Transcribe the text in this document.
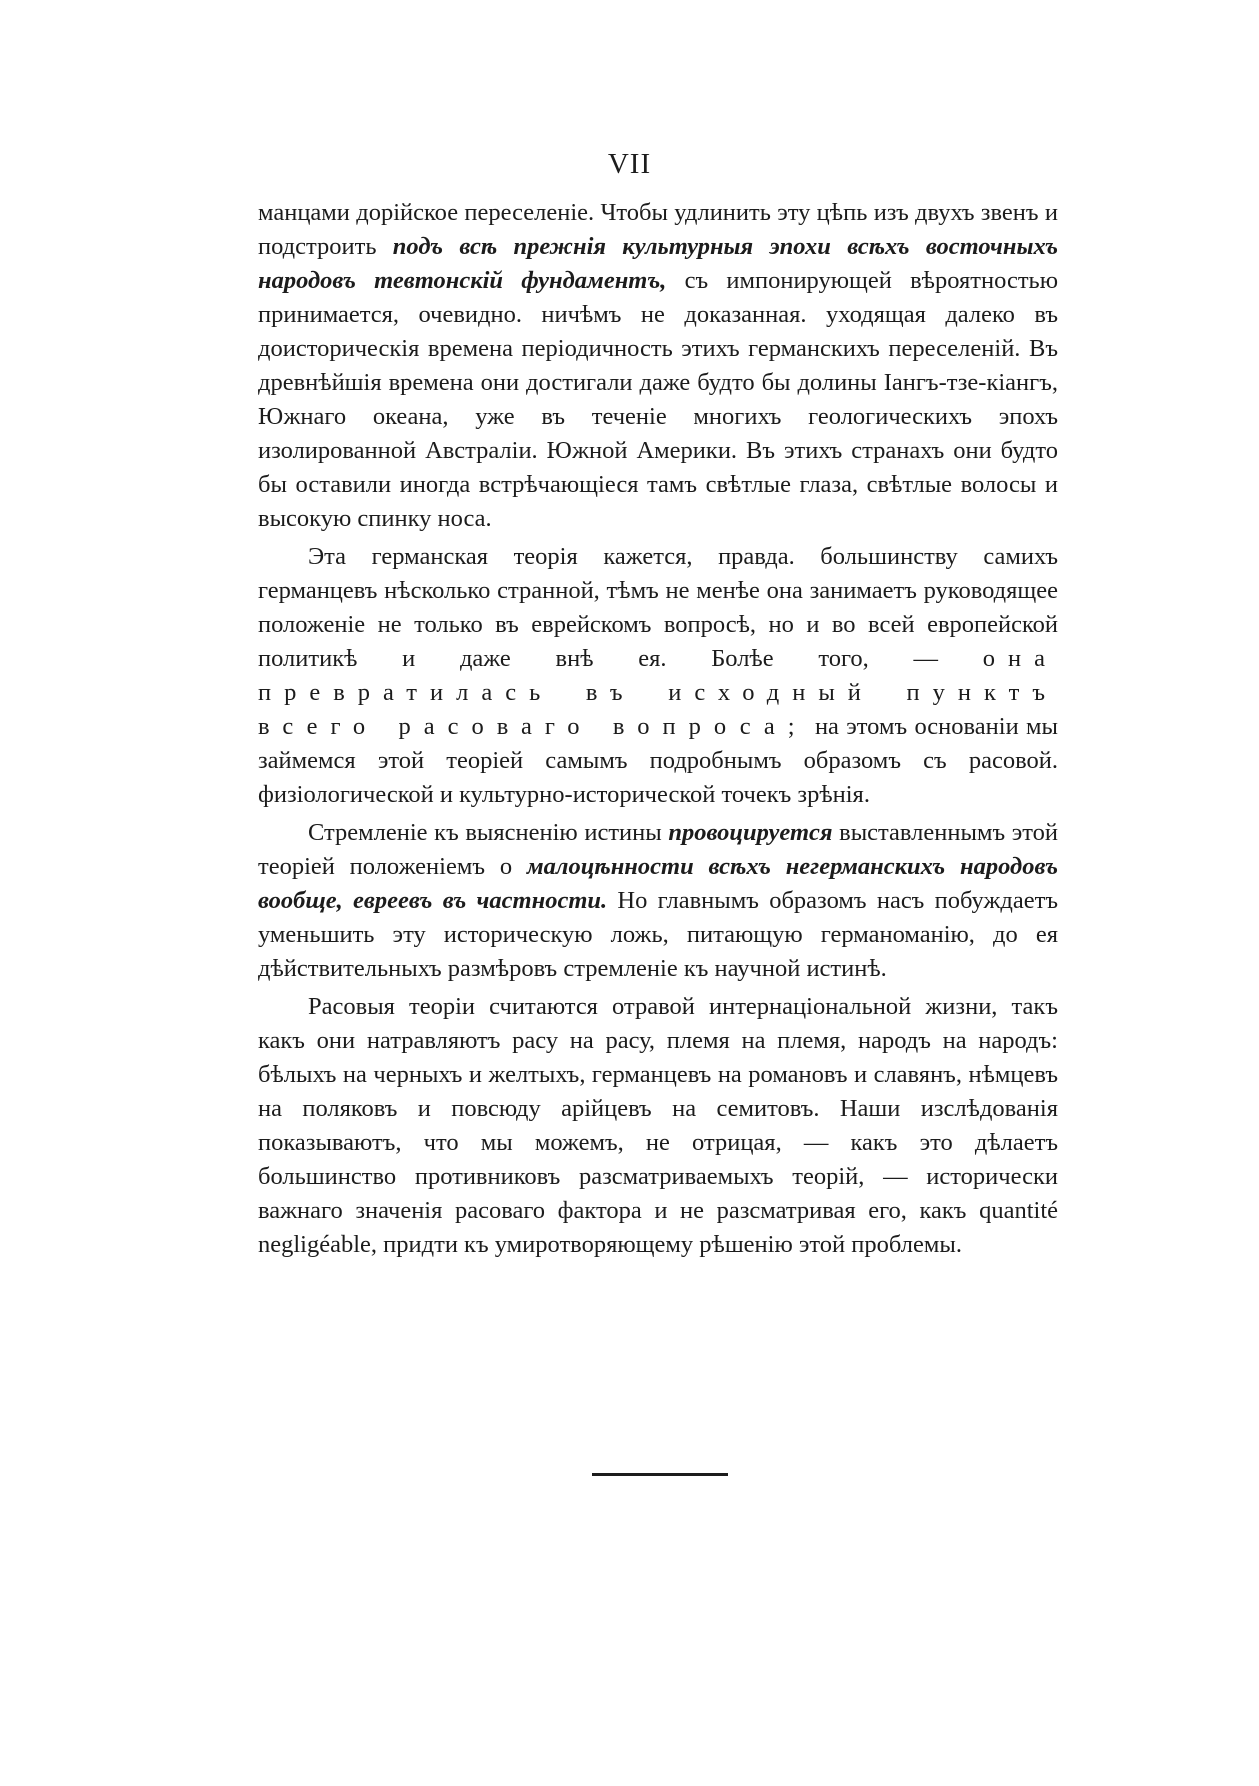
VII

манцами дорійское переселеніе. Чтобы удлинить эту цѣпь изъ двухъ звенъ и подстроить подъ всѣ прежнія культурныя эпохи всѣхъ восточныхъ народовъ тевтонскій фундаментъ, съ импонирующей вѣроятностью принимается, очевидно. ничѣмъ не доказанная. уходящая далеко въ доисторическія времена періодичность этихъ германскихъ переселеній. Въ древнѣйшія времена они достигали даже будто бы долины Іангъ-тзе-кіангъ, Южнаго океана, уже въ теченіе многихъ геологическихъ эпохъ изолированной Австраліи. Южной Америки. Въ этихъ странахъ они будто бы оставили иногда встрѣчающіеся тамъ свѣтлые глаза, свѣтлые волосы и высокую спинку носа.

Эта германская теорія кажется, правда. большинству самихъ германцевъ нѣсколько странной, тѣмъ не менѣе она занимаетъ руководящее положеніе не только въ еврейскомъ вопросѣ, но и во всей европейской политикѣ и даже внѣ ея. Болѣе того, — она превратилась въ исходный пунктъ всего расоваго вопроса; на этомъ основаніи мы займемся этой теоріей самымъ подробнымъ образомъ съ расовой. физіологической и культурно-исторической точекъ зрѣнія.

Стремленіе къ выясненію истины провоцируется выставленнымъ этой теоріей положеніемъ о малоцѣнности всѣхъ негерманскихъ народовъ вообще, евреевъ въ частности. Но главнымъ образомъ насъ побуждаетъ уменьшить эту историческую ложь, питающую германоманію, до ея дѣйствительныхъ размѣровъ стремленіе къ научной истинѣ.

Расовыя теоріи считаются отравой интернаціональной жизни, такъ какъ они натравляютъ расу на расу, племя на племя, народъ на народъ: бѣлыхъ на черныхъ и желтыхъ, германцевъ на романовъ и славянъ, нѣмцевъ на поляковъ и повсюду арійцевъ на семитовъ. Наши изслѣдованія показываютъ, что мы можемъ, не отрицая, — какъ это дѣлаетъ большинство противниковъ разсматриваемыхъ теорій, — исторически важнаго значенія расоваго фактора и не разсматривая его, какъ quantité negligéable, придти къ умиротворяющему рѣшенію этой проблемы.
